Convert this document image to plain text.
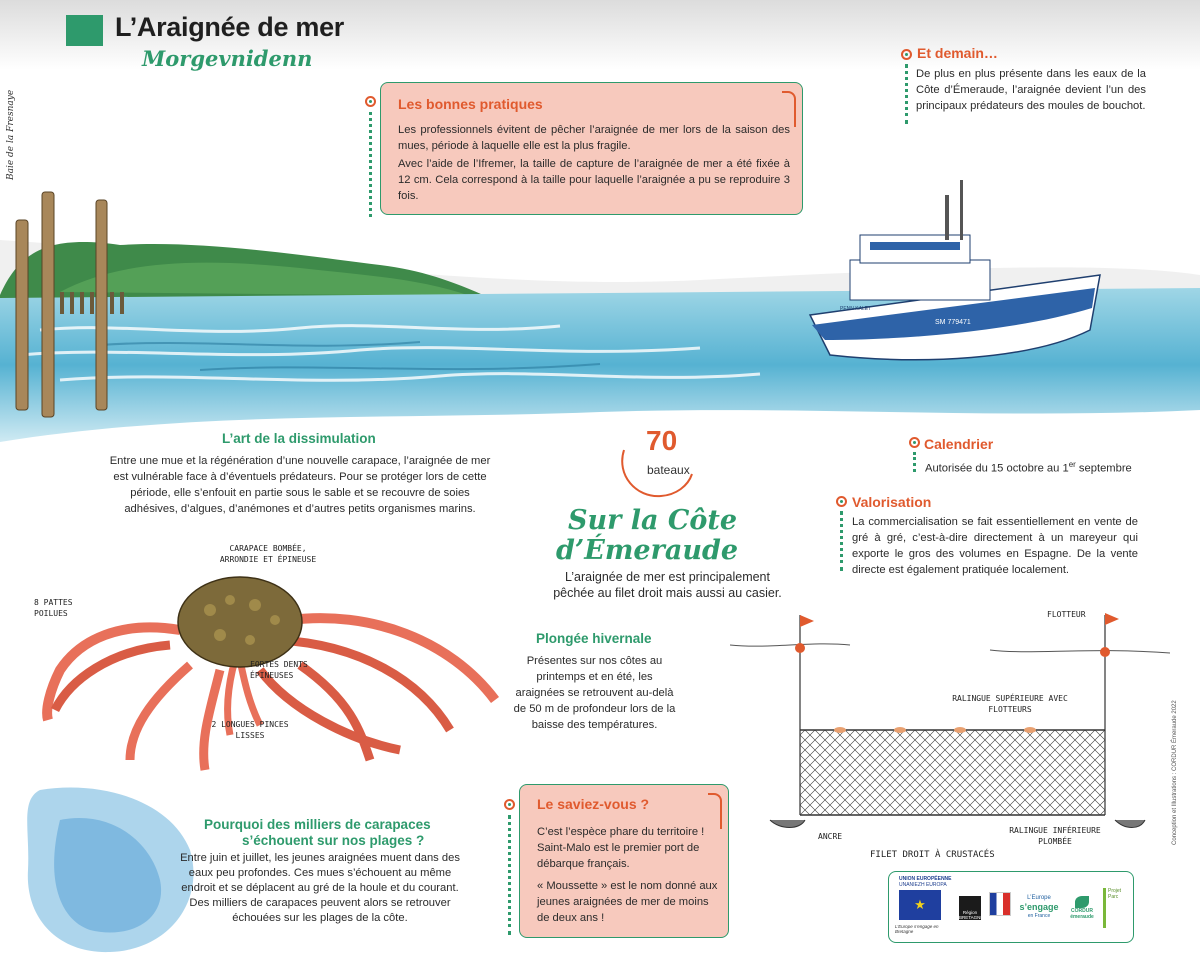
L’Araignée de mer
Morgevnidenn
Baie de la Fresnaye
Conception et Illustrations : CORDUR Émeraude 2022
SM 779471
PENN KALET
Les bonnes pratiques
Les professionnels évitent de pêcher l’araignée de mer lors de la saison des mues, période à laquelle elle est la plus fragile.
Avec l’aide de l’Ifremer, la taille de capture de l’araignée de mer a été fixée à 12 cm. Cela correspond à la taille pour laquelle l’araignée a pu se reproduire 3 fois.
Et demain…
De plus en plus présente dans les eaux de la Côte d’Émeraude, l’araignée devient l’un des principaux prédateurs des moules de bouchot.
L’art de la dissimulation
Entre une mue et la régénération d’une nouvelle carapace, l’araignée de mer est vulnérable face à d’éventuels prédateurs. Pour se protéger lors de cette période, elle s’enfouit en partie sous le sable et se recouvre de soies adhésives, d’algues, d’anémones et d’autres petits organismes marins.
70
bateaux
Sur la Côte
d’Émeraude
L’araignée de mer est principalement pêchée au filet droit mais aussi au casier.
Calendrier
Autorisée du 15 octobre au 1er septembre
Valorisation
La commercialisation se fait essentiellement en vente de gré à gré, c’est-à-dire directement à un mareyeur qui exporte le gros des volumes en Espagne. De la vente directe est également pratiquée localement.
CARAPACE BOMBÉE, ARRONDIE ET ÉPINEUSE
8 PATTES POILUES
FORTES DENTS ÉPINEUSES
2 LONGUES PINCES LISSES
Plongée hivernale
Présentes sur nos côtes au printemps et en été, les araignées se retrouvent au-delà de 50 m de profondeur lors de la baisse des températures.
FLOTTEUR
RALINGUE SUPÉRIEURE AVEC FLOTTEURS
ANCRE
RALINGUE INFÉRIEURE PLOMBÉE
FILET DROIT À CRUSTACÉS
Pourquoi des milliers de carapaces
s’échouent sur nos plages ?
Entre juin et juillet, les jeunes araignées muent dans des eaux peu profondes. Ces mues s’échouent au même endroit et se déplacent au gré de la houle et du courant. Des milliers de carapaces peuvent alors se retrouver échouées sur les plages de la côte.
Le saviez-vous ?
C’est l’espèce phare du territoire ! Saint-Malo est le premier port de débarque français.
« Moussette » est le nom donné aux jeunes araignées de mer de moins de deux ans !
UNION EUROPÉENNE
UNANIEZH EUROPA
★
L’Europe s’engage en Bretagne
Région BRETAGNE
L’Europe
s’engage
en France
CORDUR émeraude
Projet Parc
